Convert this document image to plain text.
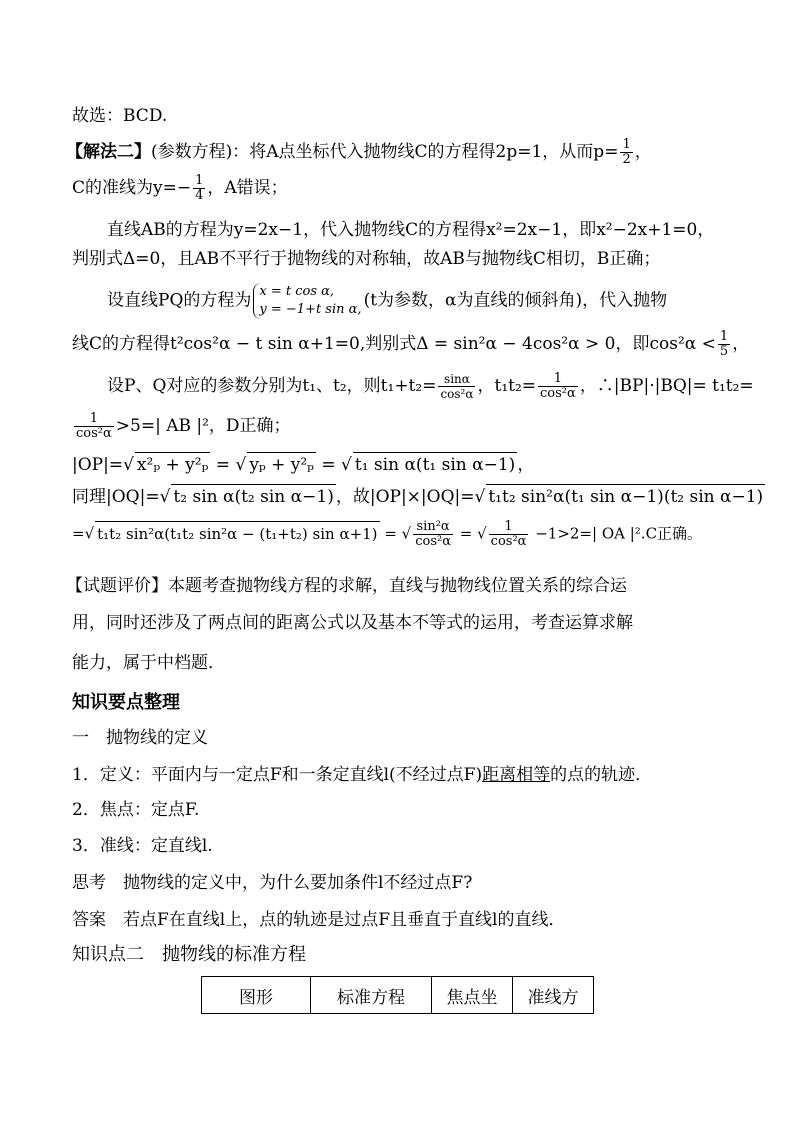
故选：BCD.
【解法二】(参数方程)：将A点坐标代入抛物线C的方程得2p=1，从而$p= \frac{1}{2}$ ，
C的准线为$y=- \frac{1}{4}$ ，A错误；
直线AB的方程为y=2x−1，代入抛物线C的方程得x²=2x−1，即x²−2x+1=0，
判别式Δ=0，且AB不平行于抛物线的对称轴，故AB与抛物线C相切，B正确；
设直线PQ的方程为 x = t cos α,
y = −1+t sin α, (t为参数，α为直线的倾斜角)，代入抛物
线C的方程得t²cos²α − t sin α+1=0,判别式Δ = sin²α − 4cos²α > 0，即$\cos^2\alpha < \frac{1}{5}$ ，
设P、Q对应的参数分别为t₁、t₂，则$t_1+t_2= \frac{\sin\alpha}{\text{cos²α}}$ ，$t_1t_2= \frac{1}{\text{cos²α}}$ ，∴|BP|·|BQ|= t₁t₂=
$\frac{1}{\text{cos²α}} >5=|$ AB |²，D正确；
|OP|=√ x²ₚ + y²ₚ = √ yₚ + y²ₚ = √ t₁ sin α(t₁ sin α−1) ，
同理|OQ|=√ t₂ sin α(t₂ sin α−1) ，故|OP|×|OQ|=√ t₁t₂ sin²α(t₁ sin α−1)(t₂ sin α−1)
=√ t₁t₂ sin²α(t₁t₂ sin²α − (t₁+t₂) sin α+1) = √ $\frac{\text{sin²α}}{\text{cos²α}}$ = √ $\frac{1}{\text{cos²α}} -1>2=|$ OA |².C正确。
【试题评价】本题考查抛物线方程的求解，直线与抛物线位置关系的综合运
用，同时还涉及了两点间的距离公式以及基本不等式的运用，考查运算求解
能力，属于中档题．
知识要点整理
一　抛物线的定义
1．定义：平面内与一定点F和一条定直线l(不经过点F)距离相等的点的轨迹．
2．焦点：定点F.
3．准线：定直线l.
思考　抛物线的定义中，为什么要加条件l不经过点F?
答案　若点F在直线l上，点的轨迹是过点F且垂直于直线l的直线．
知识点二　抛物线的标准方程
图形	标准方程	焦点坐	准线方
